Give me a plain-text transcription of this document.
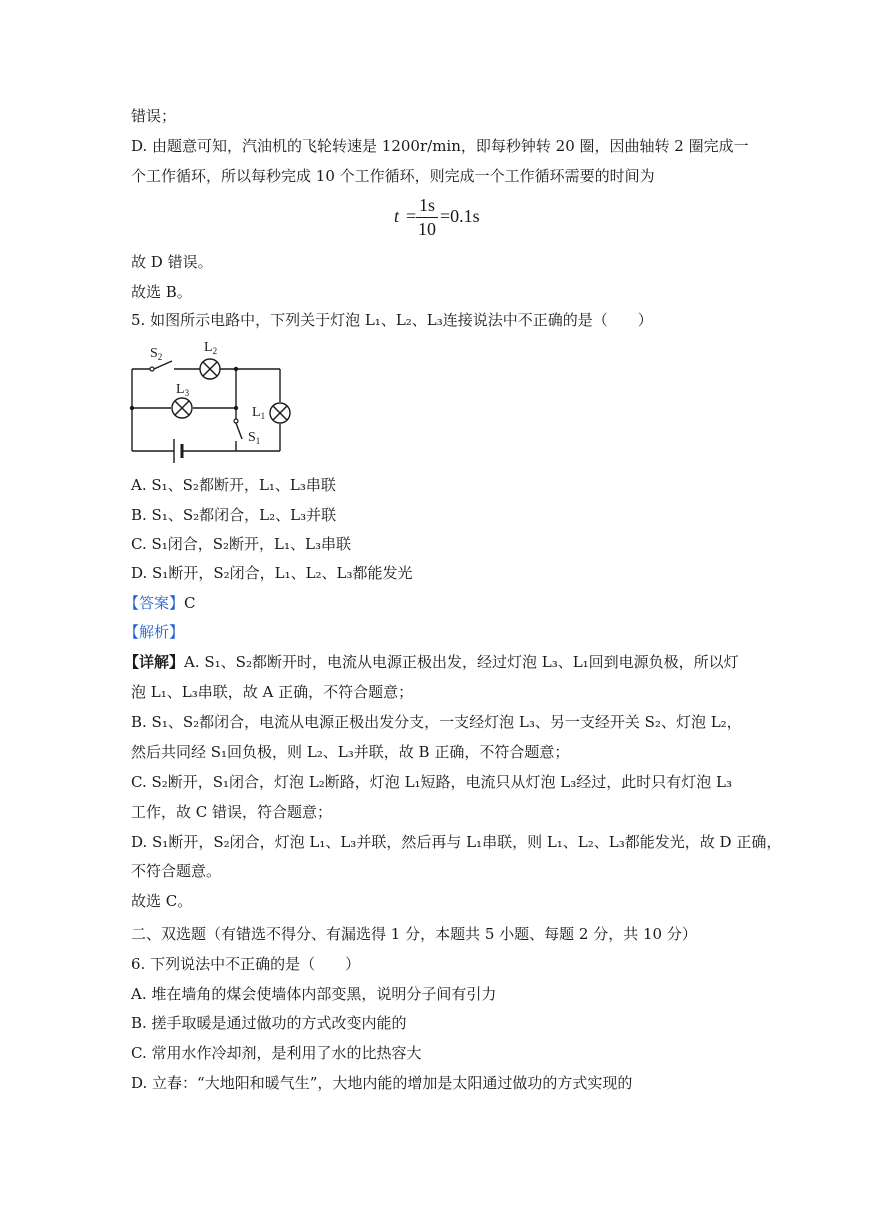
错误；
D. 由题意可知，汽油机的飞轮转速是 1200r/min，即每秒钟转 20 圈，因曲轴转 2 圈完成一
个工作循环，所以每秒完成 10 个工作循环，则完成一个工作循环需要的时间为
t =
1s
10
=0.1s
故 D 错误。
故选 B。
5. 如图所示电路中，下列关于灯泡 L₁、L₂、L₃连接说法中不正确的是（　　）
$S_2$
$L_2$
$L_3$
$L_1$
$S_1$
A. S₁、S₂都断开，L₁、L₃串联
B. S₁、S₂都闭合，L₂、L₃并联
C. S₁闭合，S₂断开，L₁、L₃串联
D. S₁断开，S₂闭合，L₁、L₂、L₃都能发光
【答案】C
【解析】
【详解】A. S₁、S₂都断开时，电流从电源正极出发，经过灯泡 L₃、L₁回到电源负极，所以灯
泡 L₁、L₃串联，故 A 正确，不符合题意；
B. S₁、S₂都闭合，电流从电源正极出发分支，一支经灯泡 L₃、另一支经开关 S₂、灯泡 L₂，
然后共同经 S₁回负极，则 L₂、L₃并联，故 B 正确，不符合题意；
C. S₂断开，S₁闭合，灯泡 L₂断路，灯泡 L₁短路，电流只从灯泡 L₃经过，此时只有灯泡 L₃
工作，故 C 错误，符合题意；
D. S₁断开，S₂闭合，灯泡 L₁、L₃并联，然后再与 L₁串联，则 L₁、L₂、L₃都能发光，故 D 正确，
不符合题意。
故选 C。
二、双选题（有错选不得分、有漏选得 1 分，本题共 5 小题、每题 2 分，共 10 分）
6. 下列说法中不正确的是（　　）
A. 堆在墙角的煤会使墙体内部变黑，说明分子间有引力
B. 搓手取暖是通过做功的方式改变内能的
C. 常用水作冷却剂，是利用了水的比热容大
D. 立春：“大地阳和暖气生”，大地内能的增加是太阳通过做功的方式实现的
